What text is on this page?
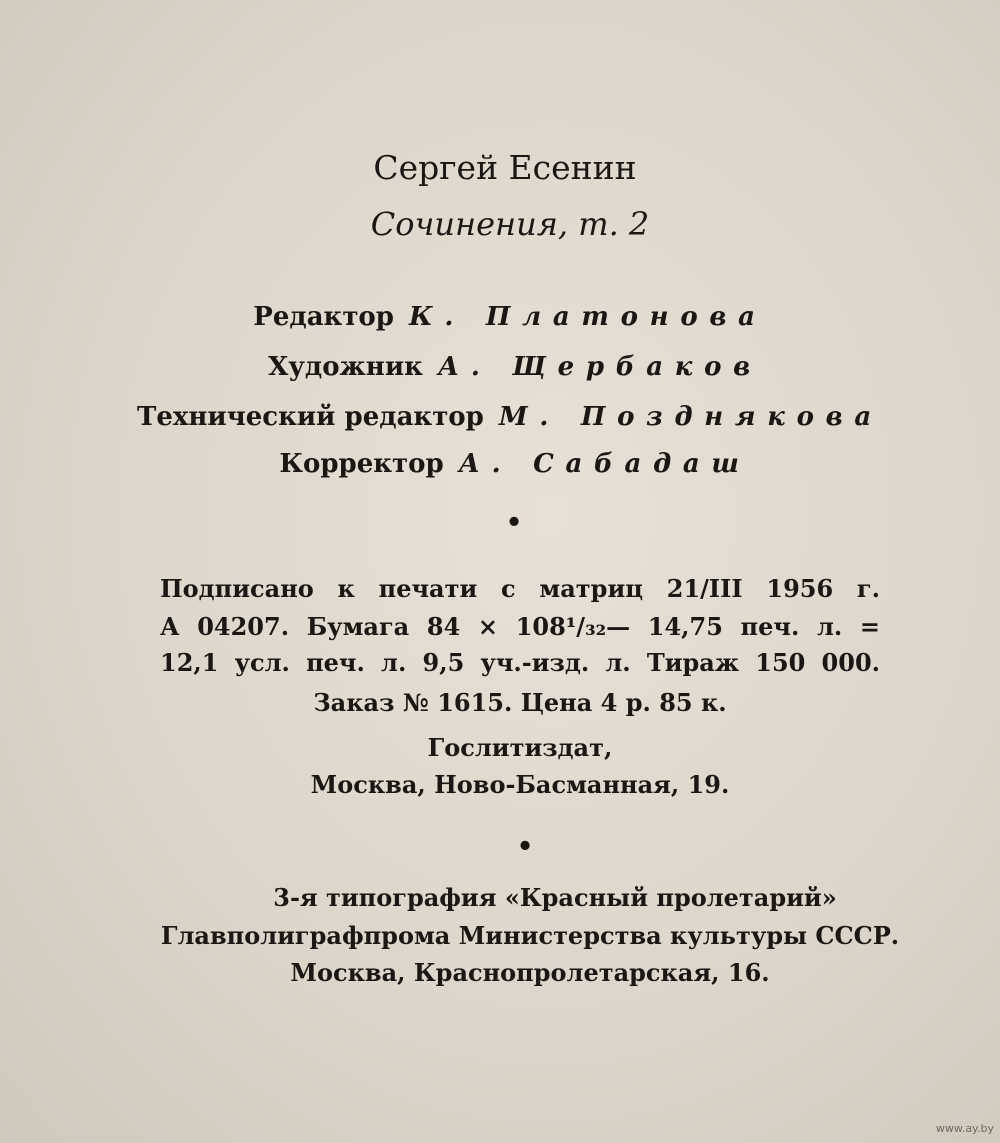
Сергей Есенин
Сочинения, т. 2
Редактор К. Платонова
Художник А. Щербаков
Технический редактор М. Позднякова
Корректор А. Сабадаш
•
Подписано к печати с матриц 21/III 1956 г.
А 04207. Бумага 84 × 108¹/₃₂— 14,75 печ. л. =
12,1 усл. печ. л. 9,5 уч.-изд. л. Тираж 150 000.
Заказ № 1615. Цена 4 р. 85 к.
Гослитиздат,
Москва, Ново-Басманная, 19.
•
3-я типография «Красный пролетарий»
Главполиграфпрома Министерства культуры СССР.
Москва, Краснопролетарская, 16.
www.ay.by
